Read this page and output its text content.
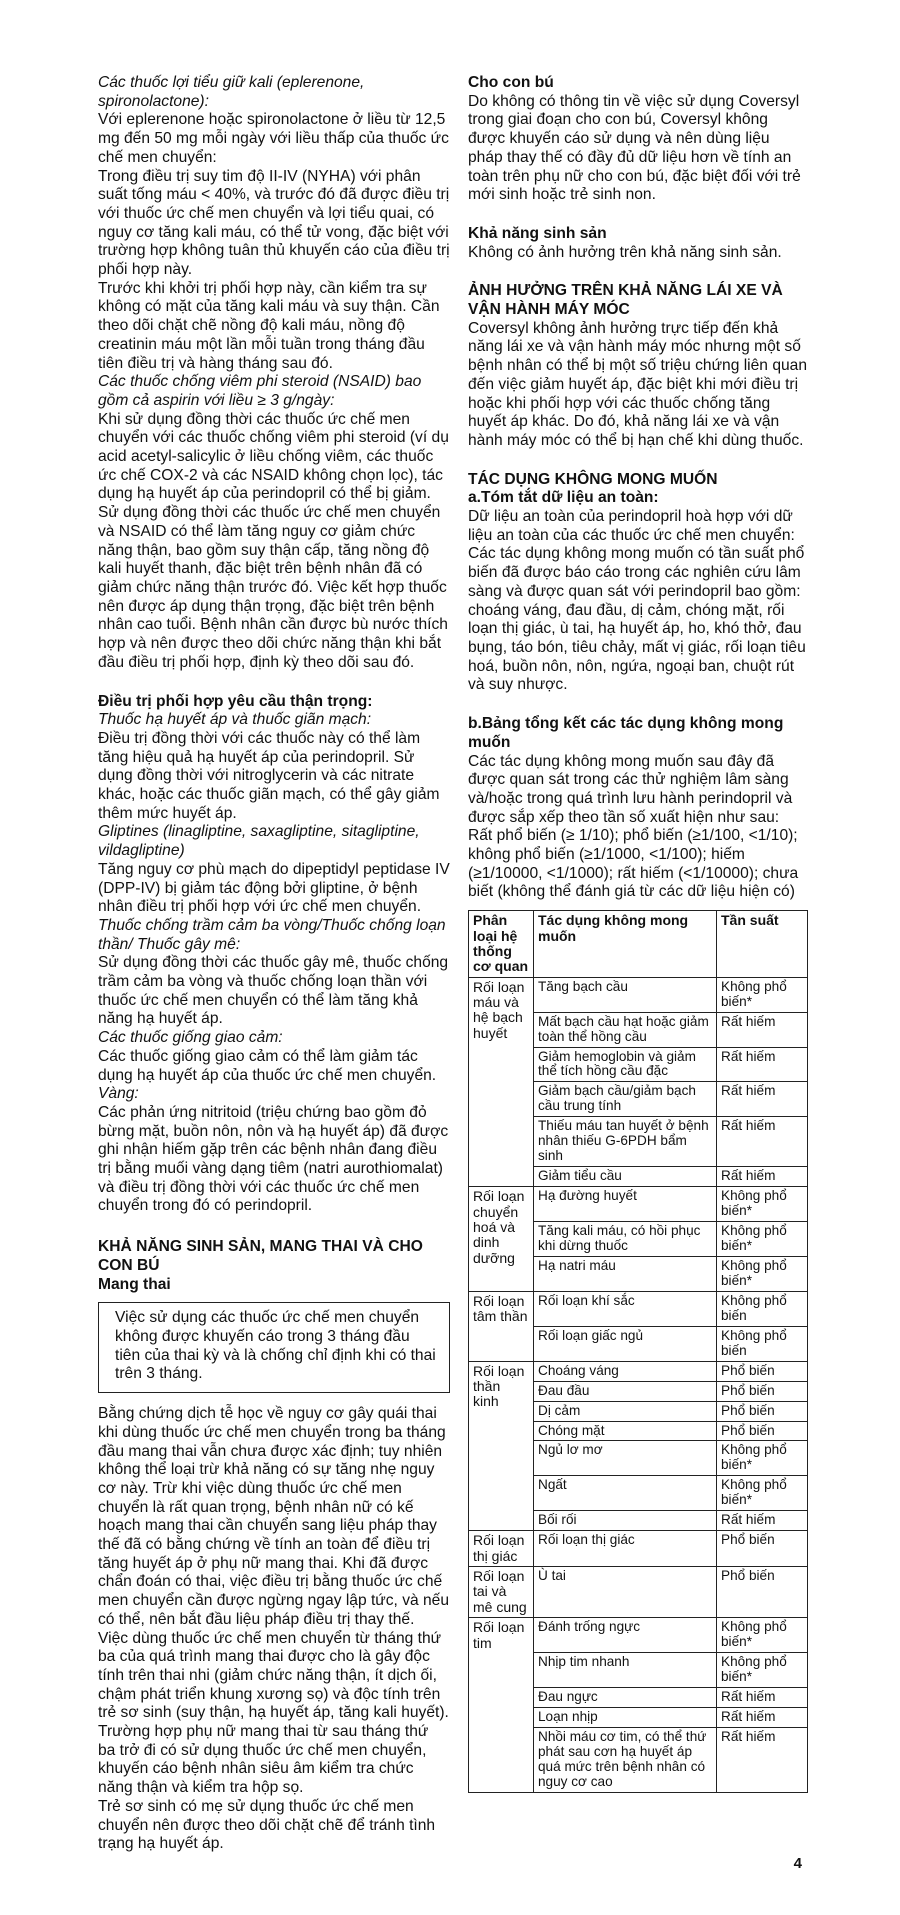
Các thuốc lợi tiểu giữ kali (eplerenone, spironolactone):

Với eplerenone hoặc spironolactone ở liều từ 12,5 mg đến 50 mg mỗi ngày với liều thấp của thuốc ức chế men chuyển:

Trong điều trị suy tim độ II-IV (NYHA) với phân suất tống máu < 40%, và trước đó đã được điều trị với thuốc ức chế men chuyển và lợi tiểu quai, có nguy cơ tăng kali máu, có thể tử vong, đặc biệt với trường hợp không tuân thủ khuyến cáo của điều trị phối hợp này.

Trước khi khởi trị phối hợp này, cần kiểm tra sự không có mặt của tăng kali máu và suy thận. Cần theo dõi chặt chẽ nồng độ kali máu, nồng độ creatinin máu một lần mỗi tuần trong tháng đầu tiên điều trị và hàng tháng sau đó.

Các thuốc chống viêm phi steroid (NSAID) bao gồm cả aspirin với liều ≥ 3 g/ngày:

Khi sử dụng đồng thời các thuốc ức chế men chuyển với các thuốc chống viêm phi steroid (ví dụ acid acetyl-salicylic ở liều chống viêm, các thuốc ức chế COX-2 và các NSAID không chọn lọc), tác dụng hạ huyết áp của perindopril có thể bị giảm.

Sử dụng đồng thời các thuốc ức chế men chuyển và NSAID có thể làm tăng nguy cơ giảm chức năng thận, bao gồm suy thận cấp, tăng nồng độ kali huyết thanh, đặc biệt trên bệnh nhân đã có giảm chức năng thận trước đó. Việc kết hợp thuốc nên được áp dụng thận trọng, đặc biệt trên bệnh nhân cao tuổi. Bệnh nhân cần được bù nước thích hợp và nên được theo dõi chức năng thận khi bắt đầu điều trị phối hợp, định kỳ theo dõi sau đó.

Điều trị phối hợp yêu cầu thận trọng:

Thuốc hạ huyết áp và thuốc giãn mạch:

Điều trị đồng thời với các thuốc này có thể làm tăng hiệu quả hạ huyết áp của perindopril. Sử dụng đồng thời với nitroglycerin và các nitrate khác, hoặc các thuốc giãn mạch, có thể gây giảm thêm mức huyết áp.

Gliptines (linagliptine, saxagliptine, sitagliptine, vildagliptine)

Tăng nguy cơ phù mạch do dipeptidyl peptidase IV (DPP-IV) bị giảm tác động bởi gliptine, ở bệnh nhân điều trị phối hợp với ức chế men chuyển.

Thuốc chống trầm cảm ba vòng/Thuốc chống loạn thần/ Thuốc gây mê:

Sử dụng đồng thời các thuốc gây mê, thuốc chống trầm cảm ba vòng và thuốc chống loạn thần với thuốc ức chế men chuyển có thể làm tăng khả năng hạ huyết áp.

Các thuốc giống giao cảm:

Các thuốc giống giao cảm có thể làm giảm tác dụng hạ huyết áp của thuốc ức chế men chuyển.

Vàng:

Các phản ứng nitritoid (triệu chứng bao gồm đỏ bừng mặt, buồn nôn, nôn và hạ huyết áp) đã được ghi nhận hiếm gặp trên các bệnh nhân đang điều trị bằng muối vàng dạng tiêm (natri aurothiomalat) và điều trị đồng thời với các thuốc ức chế men chuyển trong đó có perindopril.

KHẢ NĂNG SINH SẢN, MANG THAI VÀ CHO CON BÚ

Mang thai

Việc sử dụng các thuốc ức chế men chuyển không được khuyến cáo trong 3 tháng đầu tiên của thai kỳ và là chống chỉ định khi có thai trên 3 tháng.

Bằng chứng dịch tễ học về nguy cơ gây quái thai khi dùng thuốc ức chế men chuyển trong ba tháng đầu mang thai vẫn chưa được xác định; tuy nhiên không thể loại trừ khả năng có sự tăng nhẹ nguy cơ này. Trừ khi việc dùng thuốc ức chế men chuyển là rất quan trọng, bệnh nhân nữ có kế hoạch mang thai cần chuyển sang liệu pháp thay thế đã có bằng chứng về tính an toàn để điều trị tăng huyết áp ở phụ nữ mang thai. Khi đã được chẩn đoán có thai, việc điều trị bằng thuốc ức chế men chuyển cần được ngừng ngay lập tức, và nếu có thể, nên bắt đầu liệu pháp điều trị thay thế.

Việc dùng thuốc ức chế men chuyển từ tháng thứ ba của quá trình mang thai được cho là gây độc tính trên thai nhi (giảm chức năng thận, ít dịch ối, chậm phát triển khung xương sọ) và độc tính trên trẻ sơ sinh (suy thận, hạ huyết áp, tăng kali huyết).

Trường hợp phụ nữ mang thai từ sau tháng thứ ba trở đi có sử dụng thuốc ức chế men chuyển, khuyến cáo bệnh nhân siêu âm kiểm tra chức năng thận và kiểm tra hộp sọ.

Trẻ sơ sinh có mẹ sử dụng thuốc ức chế men chuyển nên được theo dõi chặt chẽ để tránh tình trạng hạ huyết áp.

Cho con bú

Do không có thông tin về việc sử dụng Coversyl trong giai đoạn cho con bú, Coversyl không được khuyến cáo sử dụng và nên dùng liệu pháp thay thế có đầy đủ dữ liệu hơn về tính an toàn trên phụ nữ cho con bú, đặc biệt đối với trẻ mới sinh hoặc trẻ sinh non.

Khả năng sinh sản

Không có ảnh hưởng trên khả năng sinh sản.

ẢNH HƯỞNG TRÊN KHẢ NĂNG LÁI XE VÀ VẬN HÀNH MÁY MÓC

Coversyl không ảnh hưởng trực tiếp đến khả năng lái xe và vận hành máy móc nhưng một số bệnh nhân có thể bị một số triệu chứng liên quan đến việc giảm huyết áp, đặc biệt khi mới điều trị hoặc khi phối hợp với các thuốc chống tăng huyết áp khác. Do đó, khả năng lái xe và vận hành máy móc có thể bị hạn chế khi dùng thuốc.

TÁC DỤNG KHÔNG MONG MUỐN

a.Tóm tắt dữ liệu an toàn:

Dữ liệu an toàn của perindopril hoà hợp với dữ liệu an toàn của các thuốc ức chế men chuyển:

Các tác dụng không mong muốn có tần suất phổ biến đã được báo cáo trong các nghiên cứu lâm sàng và được quan sát với perindopril bao gồm: choáng váng, đau đầu, dị cảm, chóng mặt, rối loạn thị giác, ù tai, hạ huyết áp, ho, khó thở, đau bụng, táo bón, tiêu chảy, mất vị giác, rối loạn tiêu hoá, buồn nôn, nôn, ngứa, ngoại ban, chuột rút và suy nhược.

b.Bảng tổng kết các tác dụng không mong muốn

Các tác dụng không mong muốn sau đây đã được quan sát trong các thử nghiệm lâm sàng và/hoặc trong quá trình lưu hành perindopril và được sắp xếp theo tần số xuất hiện như sau:

Rất phổ biến (≥ 1/10); phổ biến (≥1/100, <1/10); không phổ biến (≥1/1000, <1/100); hiếm (≥1/10000, <1/1000); rất hiếm (<1/10000); chưa biết (không thể đánh giá từ các dữ liệu hiện có)

Phân loại hệ thống cơ quan	Tác dụng không mong muốn	Tần suất
Rối loạn máu và hệ bạch huyết	Tăng bạch cầu	Không phổ biến*
	Mất bạch cầu hạt hoặc giảm toàn thể hồng cầu	Rất hiếm
	Giảm hemoglobin và giảm thể tích hồng cầu đặc	Rất hiếm
	Giảm bạch cầu/giảm bạch cầu trung tính	Rất hiếm
	Thiếu máu tan huyết ở bệnh nhân thiếu G-6PDH bẩm sinh	Rất hiếm
	Giảm tiểu cầu	Rất hiếm
Rối loạn chuyển hoá và dinh dưỡng	Hạ đường huyết	Không phổ biến*
	Tăng kali máu, có hồi phục khi dừng thuốc	Không phổ biến*
	Hạ natri máu	Không phổ biến*
Rối loạn tâm thần	Rối loạn khí sắc	Không phổ biến
	Rối loạn giấc ngủ	Không phổ biến
Rối loạn thần kinh	Choáng váng	Phổ biến
	Đau đầu	Phổ biến
	Dị cảm	Phổ biến
	Chóng mặt	Phổ biến
	Ngủ lơ mơ	Không phổ biến*
	Ngất	Không phổ biến*
	Bối rối	Rất hiếm
Rối loạn thị giác	Rối loạn thị giác	Phổ biến
Rối loạn tai và mê cung	Ù tai	Phổ biến
Rối loạn tim	Đánh trống ngực	Không phổ biến*
	Nhịp tim nhanh	Không phổ biến*
	Đau ngực	Rất hiếm
	Loạn nhịp	Rất hiếm
	Nhồi máu cơ tim, có thể thứ phát sau cơn hạ huyết áp quá mức trên bệnh nhân có nguy cơ cao	Rất hiếm
4
